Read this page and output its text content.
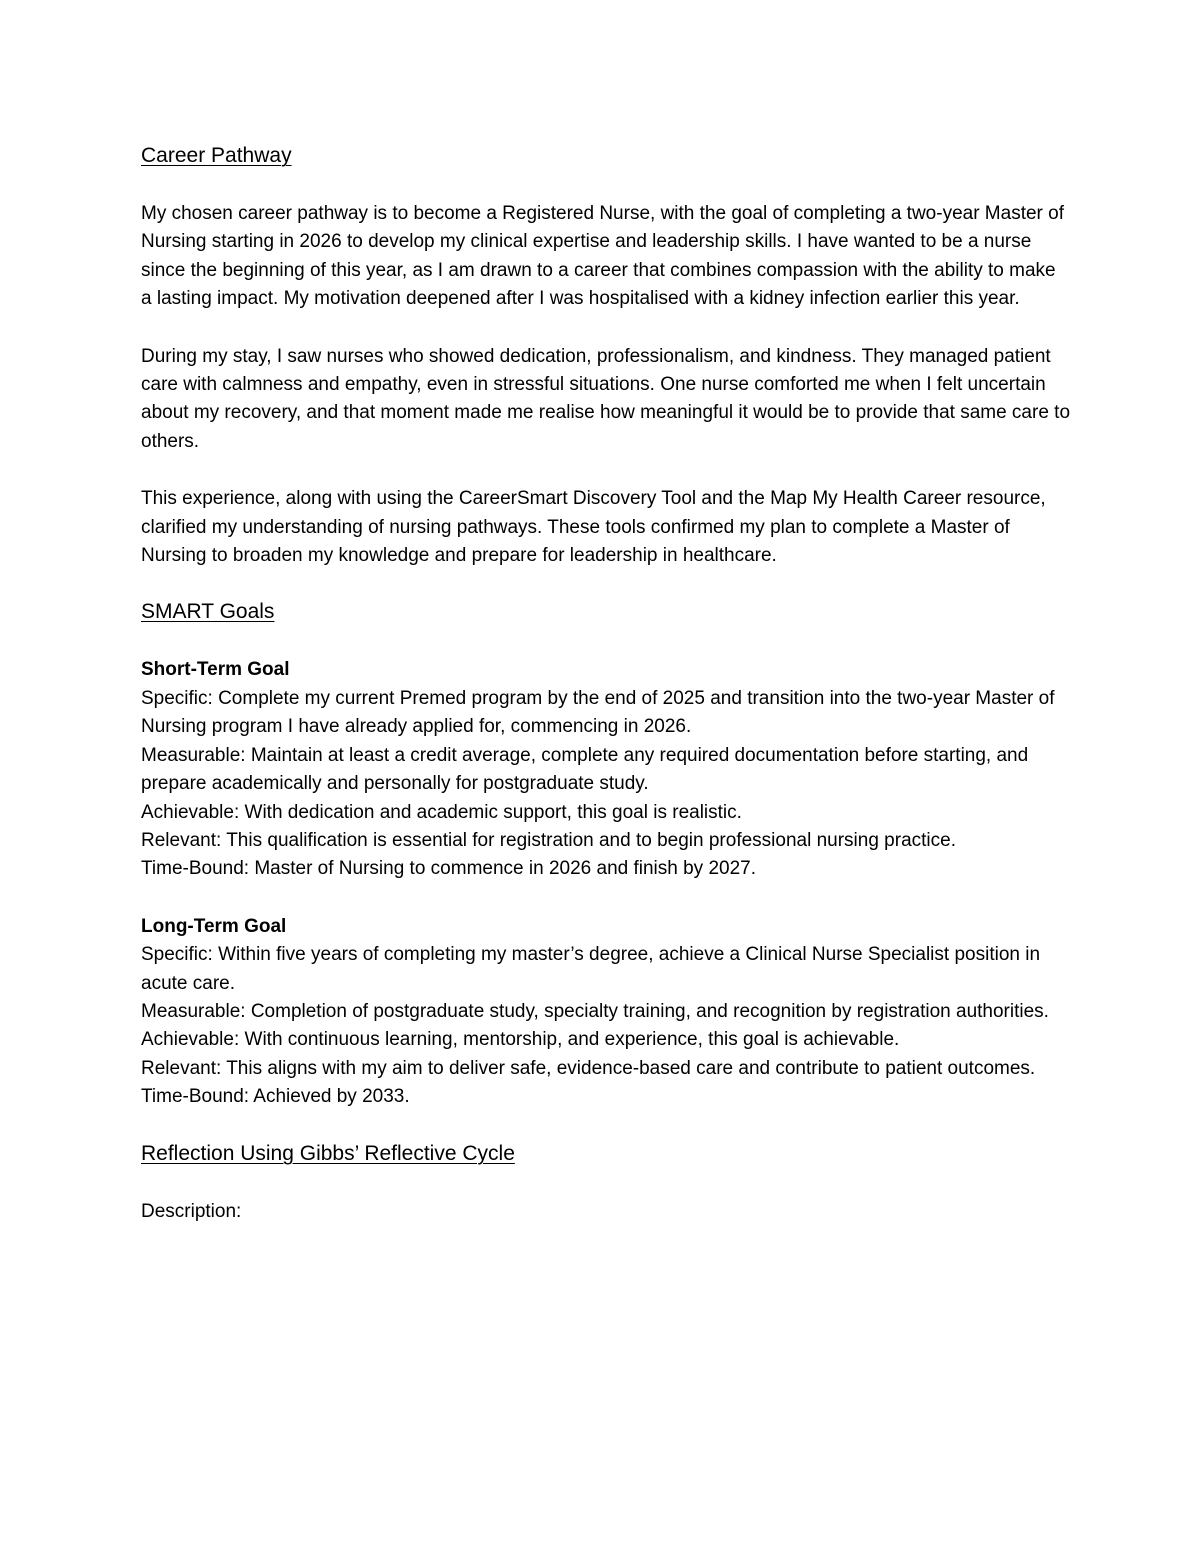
Career Pathway

My chosen career pathway is to become a Registered Nurse, with the goal of completing a two-year Master of Nursing starting in 2026 to develop my clinical expertise and leadership skills. I have wanted to be a nurse since the beginning of this year, as I am drawn to a career that combines compassion with the ability to make a lasting impact. My motivation deepened after I was hospitalised with a kidney infection earlier this year.

During my stay, I saw nurses who showed dedication, professionalism, and kindness. They managed patient care with calmness and empathy, even in stressful situations. One nurse comforted me when I felt uncertain about my recovery, and that moment made me realise how meaningful it would be to provide that same care to others.

This experience, along with using the CareerSmart Discovery Tool and the Map My Health Career resource, clarified my understanding of nursing pathways. These tools confirmed my plan to complete a Master of Nursing to broaden my knowledge and prepare for leadership in healthcare.

SMART Goals

Short-Term Goal

Specific: Complete my current Premed program by the end of 2025 and transition into the two-year Master of Nursing program I have already applied for, commencing in 2026.

Measurable: Maintain at least a credit average, complete any required documentation before starting, and prepare academically and personally for postgraduate study.

Achievable: With dedication and academic support, this goal is realistic.

Relevant: This qualification is essential for registration and to begin professional nursing practice.

Time-Bound: Master of Nursing to commence in 2026 and finish by 2027.

Long-Term Goal

Specific: Within five years of completing my master’s degree, achieve a Clinical Nurse Specialist position in acute care.

Measurable: Completion of postgraduate study, specialty training, and recognition by registration authorities.

Achievable: With continuous learning, mentorship, and experience, this goal is achievable.

Relevant: This aligns with my aim to deliver safe, evidence-based care and contribute to patient outcomes.

Time-Bound: Achieved by 2033.

Reflection Using Gibbs’ Reflective Cycle

Description:
